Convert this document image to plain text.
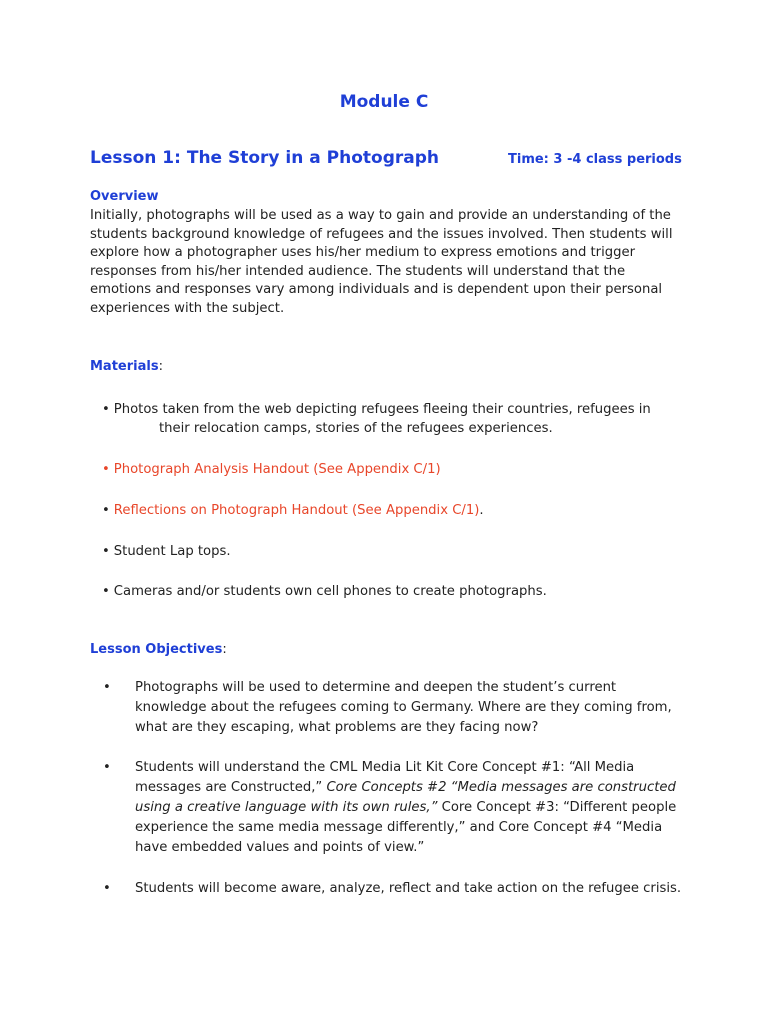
Module C
Lesson 1: The Story in a Photograph	Time: 3 -4 class periods
Overview

Initially, photographs will be used as a way to gain and provide an understanding of the students background knowledge of refugees and the issues involved. Then students will explore how a photographer uses his/her medium to express emotions and trigger responses from his/her intended audience. The students will understand that the emotions and responses vary among individuals and is dependent upon their personal experiences with the subject.

Materials:
• Photos taken from the web depicting refugees fleeing their countries, refugees in
their relocation camps, stories of the refugees experiences.
• Photograph Analysis Handout (See Appendix C/1)
• Reflections on Photograph Handout (See Appendix C/1).
• Student Lap tops.
• Cameras and/or students own cell phones to create photographs.
Lesson Objectives:
• Photographs will be used to determine and deepen the student’s current knowledge about the refugees coming to Germany. Where are they coming from, what are they escaping, what problems are they facing now?
• Students will understand the CML Media Lit Kit Core Concept #1: “All Media messages are Constructed,” Core Concepts #2 “Media messages are constructed using a creative language with its own rules,” Core Concept #3: “Different people experience the same media message differently,” and Core Concept #4 “Media have embedded values and points of view.”
• Students will become aware, analyze, reflect and take action on the refugee crisis.
